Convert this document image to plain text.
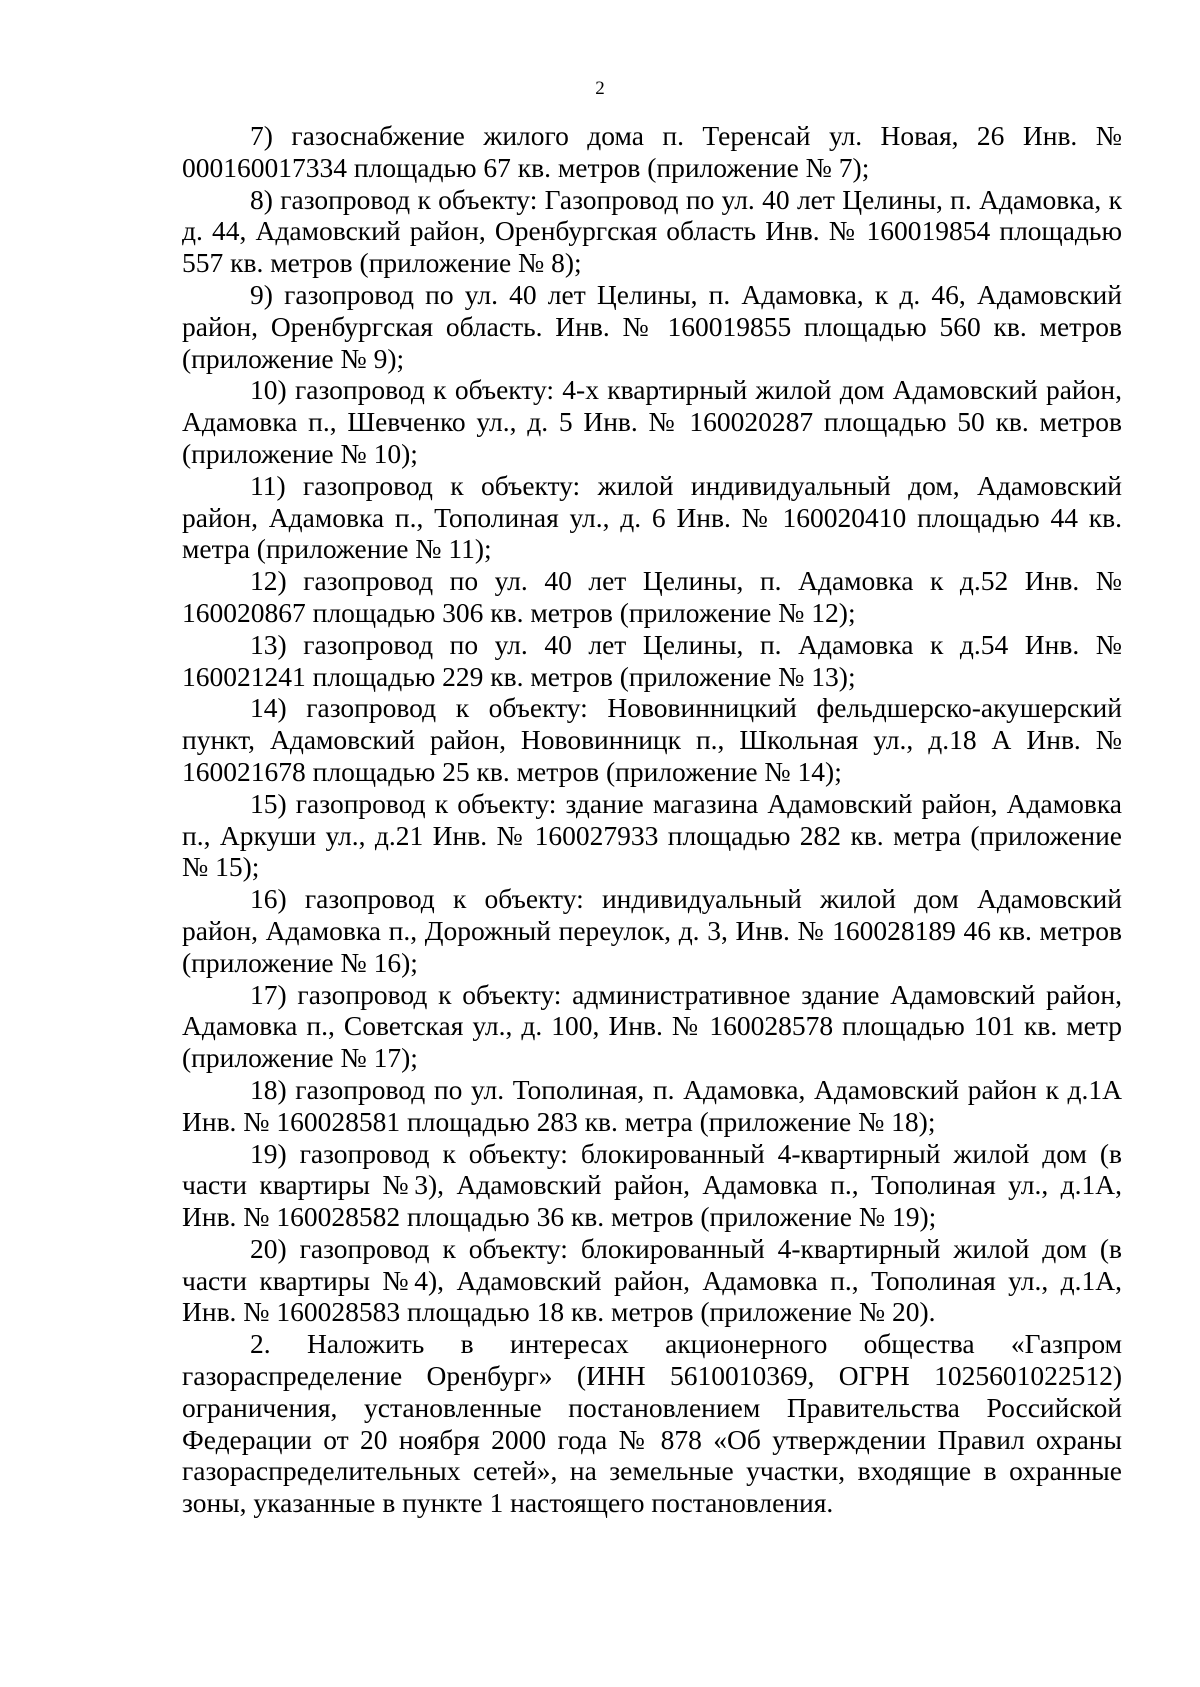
2

7) газоснабжение жилого дома п. Теренсай ул. Новая, 26 Инв. № 000160017334 площадью 67 кв. метров (приложение № 7);

8) газопровод к объекту: Газопровод по ул. 40 лет Целины, п. Адамовка, к д. 44, Адамовский район, Оренбургская область Инв. № 160019854 площадью 557 кв. метров (приложение № 8);

9) газопровод по ул. 40 лет Целины, п. Адамовка, к д. 46, Адамовский район, Оренбургская область. Инв. № 160019855 площадью 560 кв. метров (приложение № 9);

10) газопровод к объекту: 4-х квартирный жилой дом Адамовский район, Адамовка п., Шевченко ул., д. 5 Инв. № 160020287 площадью 50 кв. метров (приложение № 10);

11) газопровод к объекту: жилой индивидуальный дом, Адамовский район, Адамовка п., Тополиная ул., д. 6 Инв. № 160020410 площадью 44 кв. метра (приложение № 11);

12) газопровод по ул. 40 лет Целины, п. Адамовка к д.52 Инв. № 160020867 площадью 306 кв. метров (приложение № 12);

13) газопровод по ул. 40 лет Целины, п. Адамовка к д.54 Инв. № 160021241 площадью 229 кв. метров (приложение № 13);

14) газопровод к объекту: Нововинницкий фельдшерско-акушерский пункт, Адамовский район, Нововинницк п., Школьная ул., д.18 А Инв. № 160021678 площадью 25 кв. метров (приложение № 14);

15) газопровод к объекту: здание магазина Адамовский район, Адамовка п., Аркуши ул., д.21 Инв. № 160027933 площадью 282 кв. метра (приложение № 15);

16) газопровод к объекту: индивидуальный жилой дом Адамовский район, Адамовка п., Дорожный переулок, д. 3, Инв. № 160028189 46 кв. метров (приложение № 16);

17) газопровод к объекту: административное здание Адамовский район, Адамовка п., Советская ул., д. 100, Инв. № 160028578 площадью 101 кв. метр (приложение № 17);

18) газопровод по ул. Тополиная, п. Адамовка, Адамовский район к д.1А Инв. № 160028581 площадью 283 кв. метра (приложение № 18);

19) газопровод к объекту: блокированный 4-квартирный жилой дом (в части квартиры №3), Адамовский район, Адамовка п., Тополиная ул., д.1А, Инв. № 160028582 площадью 36 кв. метров (приложение № 19);

20) газопровод к объекту: блокированный 4-квартирный жилой дом (в части квартиры №4), Адамовский район, Адамовка п., Тополиная ул., д.1А, Инв. № 160028583 площадью 18 кв. метров (приложение № 20).

2. Наложить в интересах акционерного общества «Газпром газораспределение Оренбург» (ИНН 5610010369, ОГРН 1025601022512) ограничения, установленные постановлением Правительства Российской Федерации от 20 ноября 2000 года № 878 «Об утверждении Правил охраны газораспределительных сетей», на земельные участки, входящие в охранные зоны, указанные в пункте 1 настоящего постановления.
